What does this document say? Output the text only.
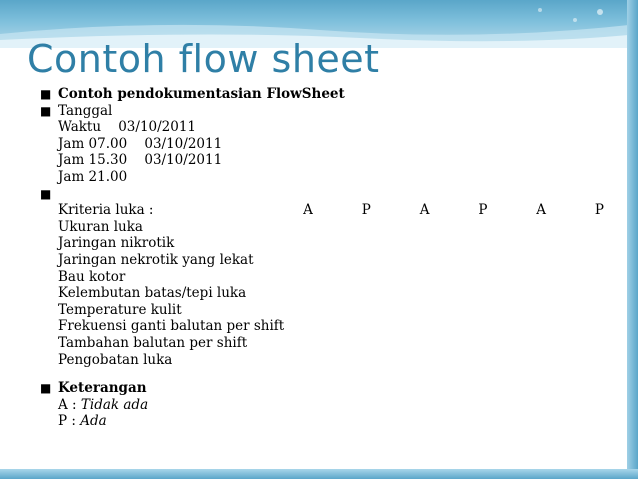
Contoh flow sheet
■ Contoh pendokumentasian FlowSheet
■ Tanggal
Waktu    03/10/2011
Jam 07.00    03/10/2011
Jam 15.30    03/10/2011
Jam 21.00
■

Kriteria luka :	A   P   A   P   A   P
Ukuran luka
Jaringan nikrotik
Jaringan nekrotik yang lekat
Bau kotor
Kelembutan batas/tepi luka
Temperature kulit
Frekuensi ganti balutan per shift
Tambahan balutan per shift
Pengobatan luka
■ Keterangan
A : Tidak ada
P : Ada
